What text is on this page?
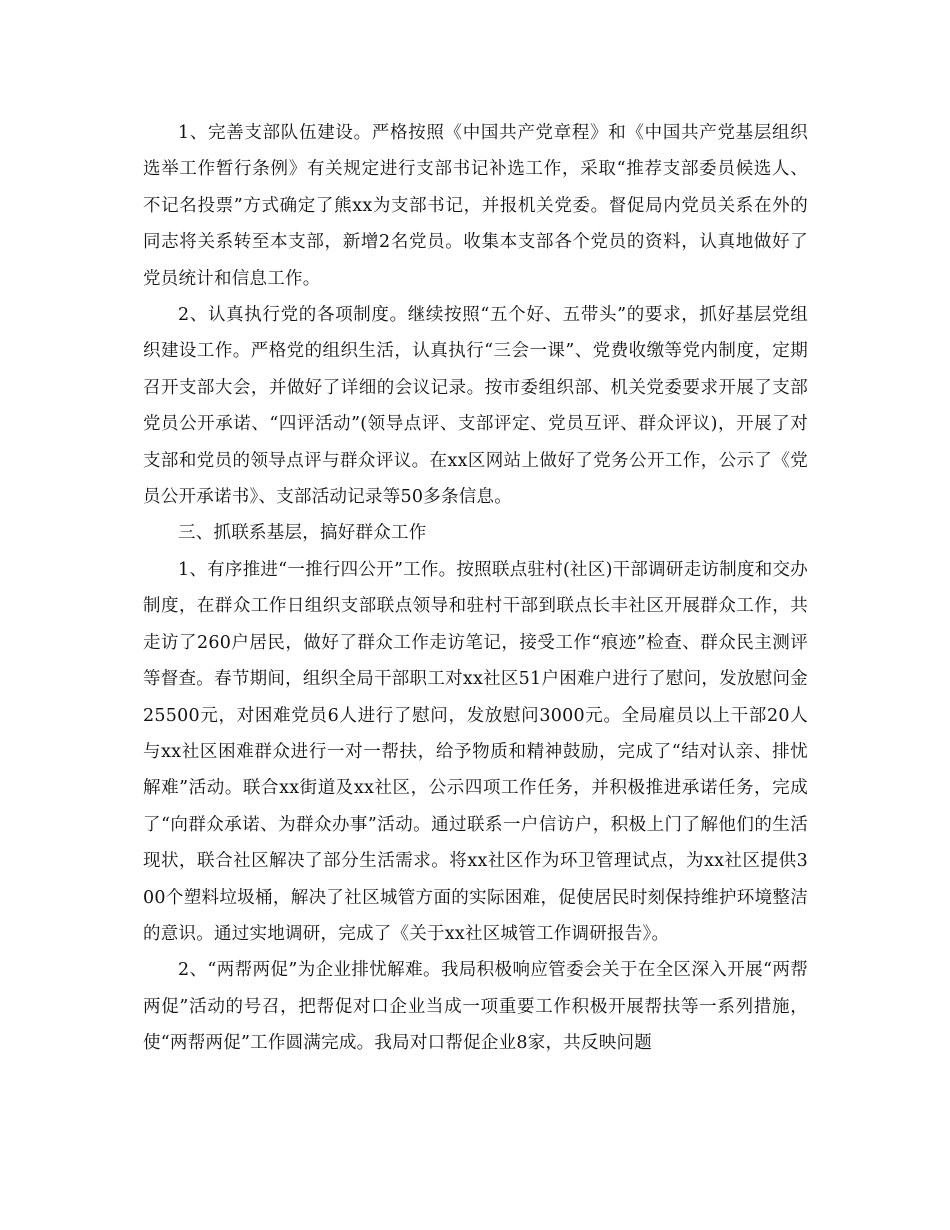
1、完善支部队伍建设。严格按照《中国共产党章程》和《中国共产党基层组织选举工作暂行条例》有关规定进行支部书记补选工作，采取“推荐支部委员候选人、不记名投票”方式确定了熊xx为支部书记，并报机关党委。督促局内党员关系在外的同志将关系转至本支部，新增2名党员。收集本支部各个党员的资料，认真地做好了党员统计和信息工作。

2、认真执行党的各项制度。继续按照“五个好、五带头”的要求，抓好基层党组织建设工作。严格党的组织生活，认真执行“三会一课”、党费收缴等党内制度，定期召开支部大会，并做好了详细的会议记录。按市委组织部、机关党委要求开展了支部党员公开承诺、“四评活动”(领导点评、支部评定、党员互评、群众评议)，开展了对支部和党员的领导点评与群众评议。在xx区网站上做好了党务公开工作，公示了《党员公开承诺书》、支部活动记录等50多条信息。

三、抓联系基层，搞好群众工作

1、有序推进“一推行四公开”工作。按照联点驻村(社区)干部调研走访制度和交办制度，在群众工作日组织支部联点领导和驻村干部到联点长丰社区开展群众工作，共走访了260户居民，做好了群众工作走访笔记，接受工作“痕迹”检查、群众民主测评等督查。春节期间，组织全局干部职工对xx社区51户困难户进行了慰问，发放慰问金25500元，对困难党员6人进行了慰问，发放慰问3000元。全局雇员以上干部20人与xx社区困难群众进行一对一帮扶，给予物质和精神鼓励，完成了“结对认亲、排忧解难”活动。联合xx街道及xx社区，公示四项工作任务，并积极推进承诺任务，完成了“向群众承诺、为群众办事”活动。通过联系一户信访户，积极上门了解他们的生活现状，联合社区解决了部分生活需求。将xx社区作为环卫管理试点，为xx社区提供300个塑料垃圾桶，解决了社区城管方面的实际困难，促使居民时刻保持维护环境整洁的意识。通过实地调研，完成了《关于xx社区城管工作调研报告》。

2、“两帮两促”为企业排忧解难。我局积极响应管委会关于在全区深入开展“两帮两促”活动的号召，把帮促对口企业当成一项重要工作积极开展帮扶等一系列措施，使“两帮两促”工作圆满完成。我局对口帮促企业8家，共反映问题
